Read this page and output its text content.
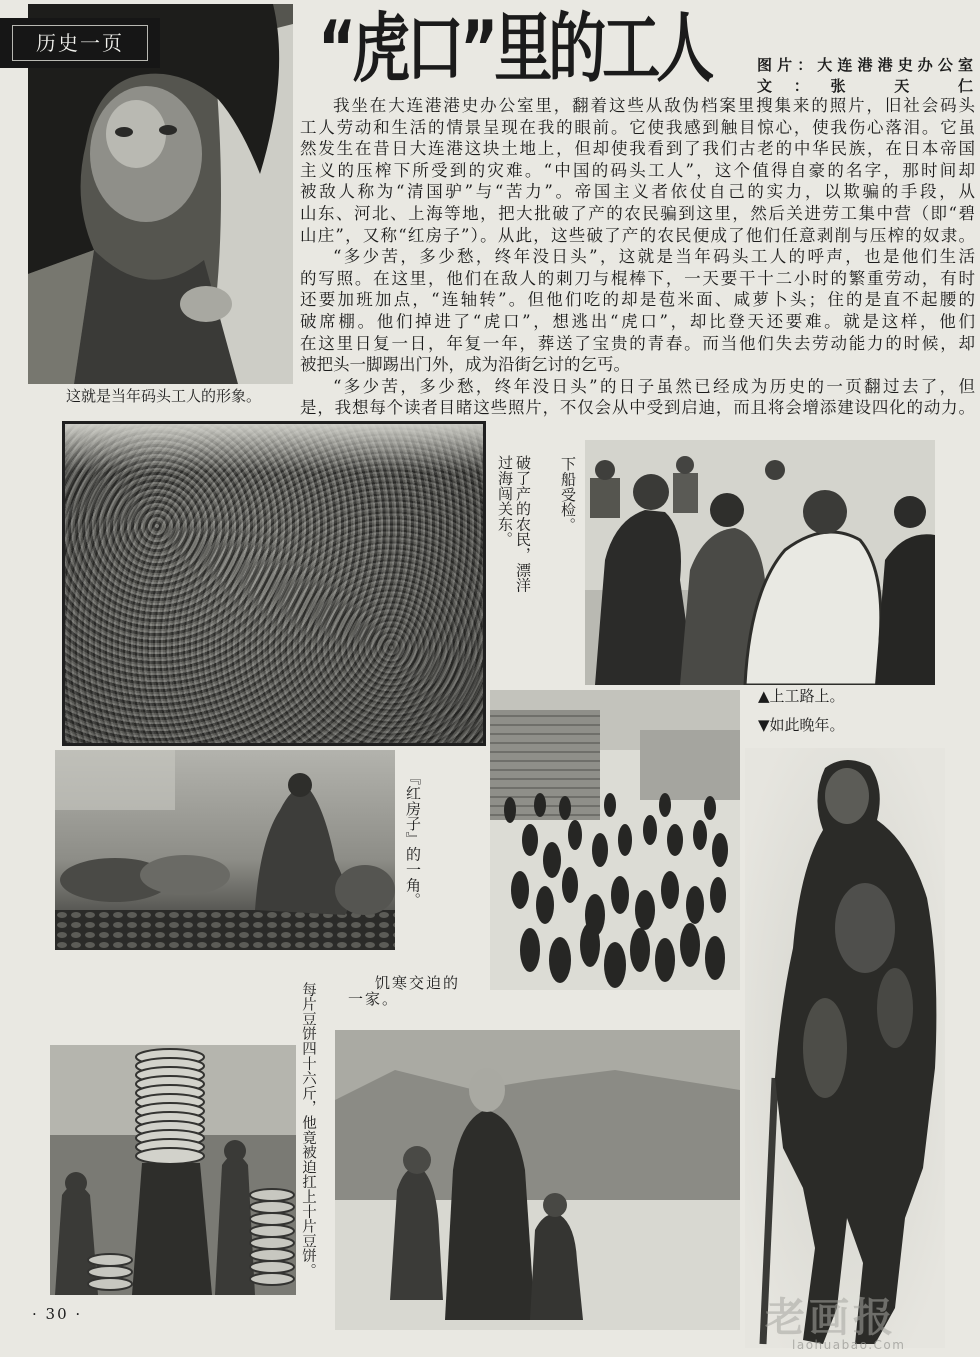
历史一页	“虎口”里的工人	图片：大连港港史办公室
文：张 天 仁
这就是当年码头工人的形象。
我坐在大连港港史办公室里，翻着这些从敌伪档案里搜集来的照片，旧社会码头
工人劳动和生活的情景呈现在我的眼前。它使我感到触目惊心，使我伤心落泪。它虽
然发生在昔日大连港这块土地上，但却使我看到了我们古老的中华民族，在日本帝国
主义的压榨下所受到的灾难。“中国的码头工人”，这个值得自豪的名字，那时间却
被敌人称为“清国驴”与“苦力”。帝国主义者依仗自己的实力，以欺骗的手段，从
山东、河北、上海等地，把大批破了产的农民骗到这里，然后关进劳工集中营（即“碧
山庄”，又称“红房子”）。从此，这些破了产的农民便成了他们任意剥削与压榨的奴隶。
“多少苦，多少愁，终年没日头”，这就是当年码头工人的呼声，也是他们生活
的写照。在这里，他们在敌人的刺刀与棍棒下，一天要干十二小时的繁重劳动，有时
还要加班加点，“连轴转”。但他们吃的却是苞米面、咸萝卜头；住的是直不起腰的
破席棚。他们掉进了“虎口”，想逃出“虎口”，却比登天还要难。就是这样，他们
在这里日复一日，年复一年，葬送了宝贵的青春。而当他们失去劳动能力的时候，却
被把头一脚踢出门外，成为沿街乞讨的乞丐。
“多少苦，多少愁，终年没日头”的日子虽然已经成为历史的一页翻过去了，但
是，我想每个读者目睹这些照片，不仅会从中受到启迪，而且将会增添建设四化的动力。
破了产的农民，漂洋
过海闯关东。	下船受检。
▲上工路上。
▼如此晚年。
『红房子』的一角。
饥寒交迫的
一家。
每片豆饼四十六斤，他竟被迫扛上十片豆饼。
· 30 ·	老画报
laohuabao.Com
